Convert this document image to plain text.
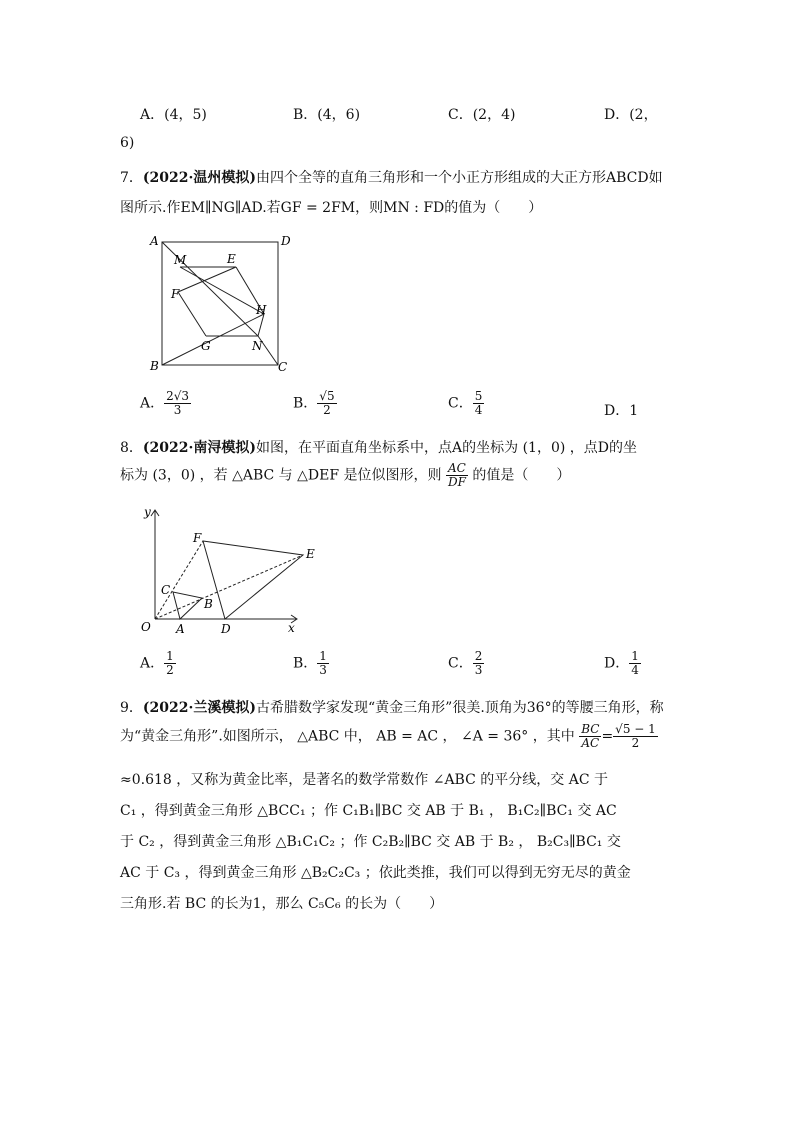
A．(4，5)	B．(4，6)	C．(2，4)	D．(2，
6)
7．(2022·温州模拟)由四个全等的直角三角形和一个小正方形组成的大正方形ABCD如
图所示.作EM∥NG∥AD.若GF = 2FM，则MN : FD的值为（　　）
A	D
B	C
M	E
F
H
G	N
A． $\frac{2√3}{3}$	B． $\frac{√5}{2}$	C． $\frac{5}{4}$	D．1
8．(2022·南浔模拟)如图，在平面直角坐标系中，点A的坐标为 (1，0) ，点D的坐
标为 (3，0) ，若 △ABC 与 △DEF 是位似图形，则 $\frac{AC}{DF}$ 的值是（　　）
y
x
O A	D
C
B
F
E
A． $\frac{1}{2}$	B． $\frac{1}{3}$	C． $\frac{2}{3}$	D． $\frac{1}{4}$
9．(2022·兰溪模拟)古希腊数学家发现“黄金三角形”很美.顶角为36°的等腰三角形，称
为“黄金三角形”.如图所示， △ABC 中， AB = AC ， ∠A = 36° ，其中 $\frac{BC}{AC} = \frac{√5 - 1}{2}$
≈0.618 ，又称为黄金比率，是著名的数学常数作 ∠ABC 的平分线，交 AC 于
C₁ ，得到黄金三角形 △BCC₁ ；作 C₁B₁∥BC 交 AB 于 B₁ ， B₁C₂∥BC₁ 交 AC
于 C₂ ，得到黄金三角形 △B₁C₁C₂ ；作 C₂B₂∥BC 交 AB 于 B₂ ， B₂C₃∥BC₁ 交
AC 于 C₃ ，得到黄金三角形 △B₂C₂C₃ ；依此类推，我们可以得到无穷无尽的黄金
三角形.若 BC 的长为1，那么 C₅C₆ 的长为（　　）
